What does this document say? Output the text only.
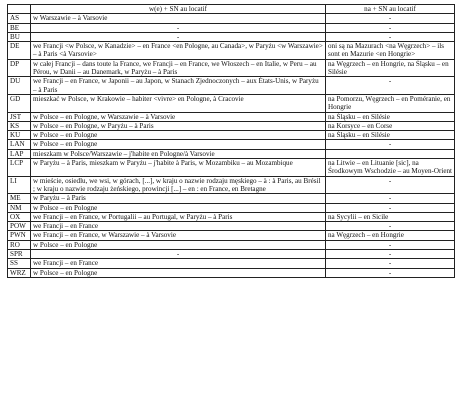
	w(e) + SN au locatif	na + SN au locatif
AS	w Warszawie – à Varsovie	-
BE	-	-
BU	-	-
DE	we Francji <w Polsce, w Kanadzie> – en France <en Pologne, au Canada>, w Paryżu <w Warszawie> – à Paris <à Varsovie>	oni są na Mazurach <na Węgrzech> – ils sont en Mazurie <en Hongrie>
DP	w całej Francji – dans toute la France, we Francji – en France, we Włoszech – en Italie, w Peru – au Pérou, w Danii – au Danemark, w Paryżu – à Paris	na Węgrzech – en Hongrie, na Śląsku – en Silésie
DU	we Francji – en France, w Japonii – au Japon, w Stanach Zjednoczonych – aux États-Unis, w Paryżu – à Paris	-
GD	mieszkać w Polsce, w Krakowie – habiter <vivre> en Pologne, à Cracovie	na Pomorzu, Węgrzech – en Poméranie, en Hongrie
JST	w Polsce – en Pologne, w Warszawie – à Varsovie	na Śląsku – en Silésie
KS	w Polsce – en Pologne, w Paryżu – à Paris	na Korsyce – en Corse
KU	w Polsce – en Pologne	na Śląsku – en Silésie
LAN	w Polsce – en Pologne	-
LAP	mieszkam w Polsce/Warszawie – j'habite en Pologne/à Varsovie	
LCP	w Paryżu – à Paris, mieszkam w Paryżu – j'habite à Paris, w Mozambiku – au Mozambique	na Litwie – en Lituanie [sic], na Środkowym Wschodzie – au Moyen-Orient
LI	w mieście, osiedlu, we wsi, w górach, [...], w kraju o nazwie rodzaju męskiego – à : à Paris, au Brésil ; w kraju o nazwie rodzaju żeńskiego, prowincji [...] – en : en France, en Bretagne	-
ME	w Paryżu – à Paris	-
NM	w Polsce – en Pologne	-
OX	we Francji – en France, w Portugalii – au Portugal, w Paryżu – à Paris	na Sycylii – en Sicile
POW	we Francji – en France	-
PWN	we Francji – en France, w Warszawie – à Varsovie	na Węgrzech – en Hongrie
RO	w Polsce – en Pologne	-
SPR	-	-
SS	we Francji – en France	-
WRZ	w Polsce – en Pologne	-
